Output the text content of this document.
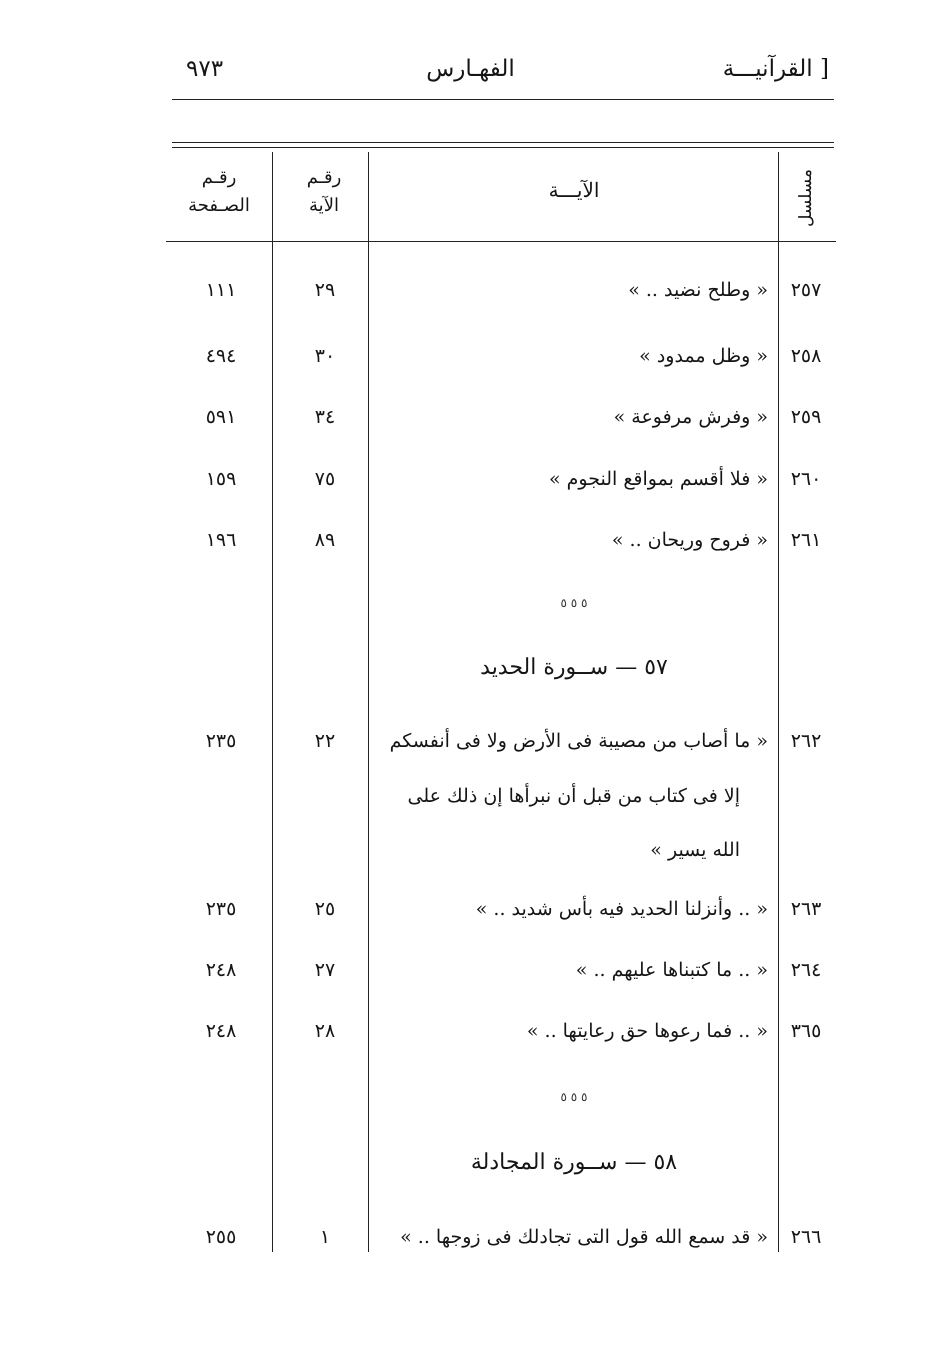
القرآنيـــة ]
الفهـارس
٩٧٣
مسلسل
الآيـــة
رقـم
الآية
رقـم
الصـفحة
٢٥٧
« وطلح نضيد .. »
٢٩
١١١
٢٥٨
« وظل ممدود »
٣٠
٤٩٤
٢٥٩
« وفرش مرفوعة »
٣٤
٥٩١
٢٦٠
« فلا أقسم بمواقع النجوم »
٧٥
١٥٩
٢٦١
« فروح وريحان .. »
٨٩
١٩٦
٥ ٥ ٥
٥٧ — ســورة الحديد
٢٦٢
« ما أصاب من مصيبة فى الأرض ولا فى أنفسكم
٢٢
٢٣٥
إلا فى كتاب من قبل أن نبرأها إن ذلك على
الله يسير »
٢٦٣
« .. وأنزلنا الحديد فيه بأس شديد .. »
٢٥
٢٣٥
٢٦٤
« .. ما كتبناها عليهم .. »
٢٧
٢٤٨
٣٦٥
« .. فما رعوها حق رعايتها .. »
٢٨
٢٤٨
٥ ٥ ٥
٥٨ — ســورة المجادلة
٢٦٦
« قد سمع الله قول التى تجادلك فى زوجها .. »
١
٢٥٥
